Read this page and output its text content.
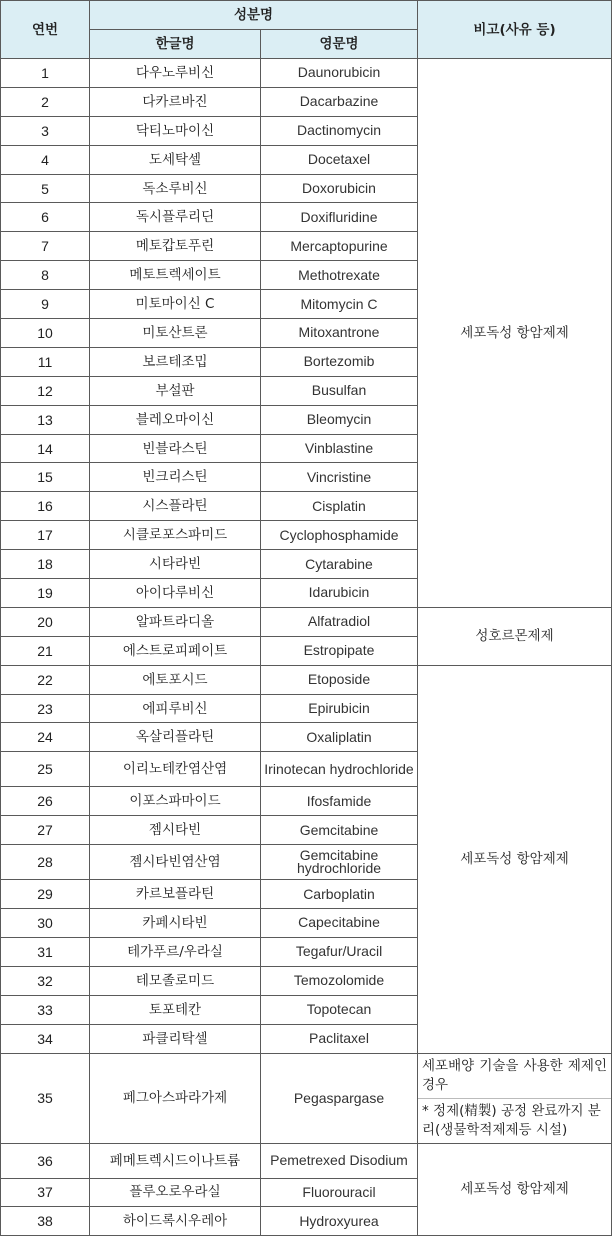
연번	성분명		비고(사유 등)
	한글명	영문명	
1	다우노루비신	Daunorubicin	세포독성 항암제제
2	다카르바진	Dacarbazine	
3	닥티노마이신	Dactinomycin	
4	도세탁셀	Docetaxel	
5	독소루비신	Doxorubicin	
6	독시플루리딘	Doxifluridine	
7	메토캅토푸린	Mercaptopurine	
8	메토트렉세이트	Methotrexate	
9	미토마이신 C	Mitomycin C	
10	미토산트론	Mitoxantrone	
11	보르테조밉	Bortezomib	
12	부설판	Busulfan	
13	블레오마이신	Bleomycin	
14	빈블라스틴	Vinblastine	
15	빈크리스틴	Vincristine	
16	시스플라틴	Cisplatin	
17	시클로포스파미드	Cyclophosphamide	
18	시타라빈	Cytarabine	
19	아이다루비신	Idarubicin	
20	알파트라디올	Alfatradiol	성호르몬제제
21	에스트로피페이트	Estropipate	
22	에토포시드	Etoposide	세포독성 항암제제
23	에피루비신	Epirubicin	
24	옥살리플라틴	Oxaliplatin	
25	이리노테칸염산염	Irinotecan hydrochloride	
26	이포스파마이드	Ifosfamide	
27	젬시타빈	Gemcitabine	
28	젬시타빈염산염	Gemcitabine hydrochloride	
29	카르보플라틴	Carboplatin	
30	카페시타빈	Capecitabine	
31	테가푸르/우라실	Tegafur/Uracil	
32	테모졸로미드	Temozolomide	
33	토포테칸	Topotecan	
34	파클리탁셀	Paclitaxel	
35	페그아스파라가제	Pegaspargase	세포배양 기술을 사용한 제제인 경우
* 정제(精製) 공정 완료까지 분리(생물학적제제등 시설)

36	페메트렉시드이나트륨	Pemetrexed Disodium	세포독성 항암제제
37	플루오로우라실	Fluorouracil	
38	하이드록시우레아	Hydroxyurea	
